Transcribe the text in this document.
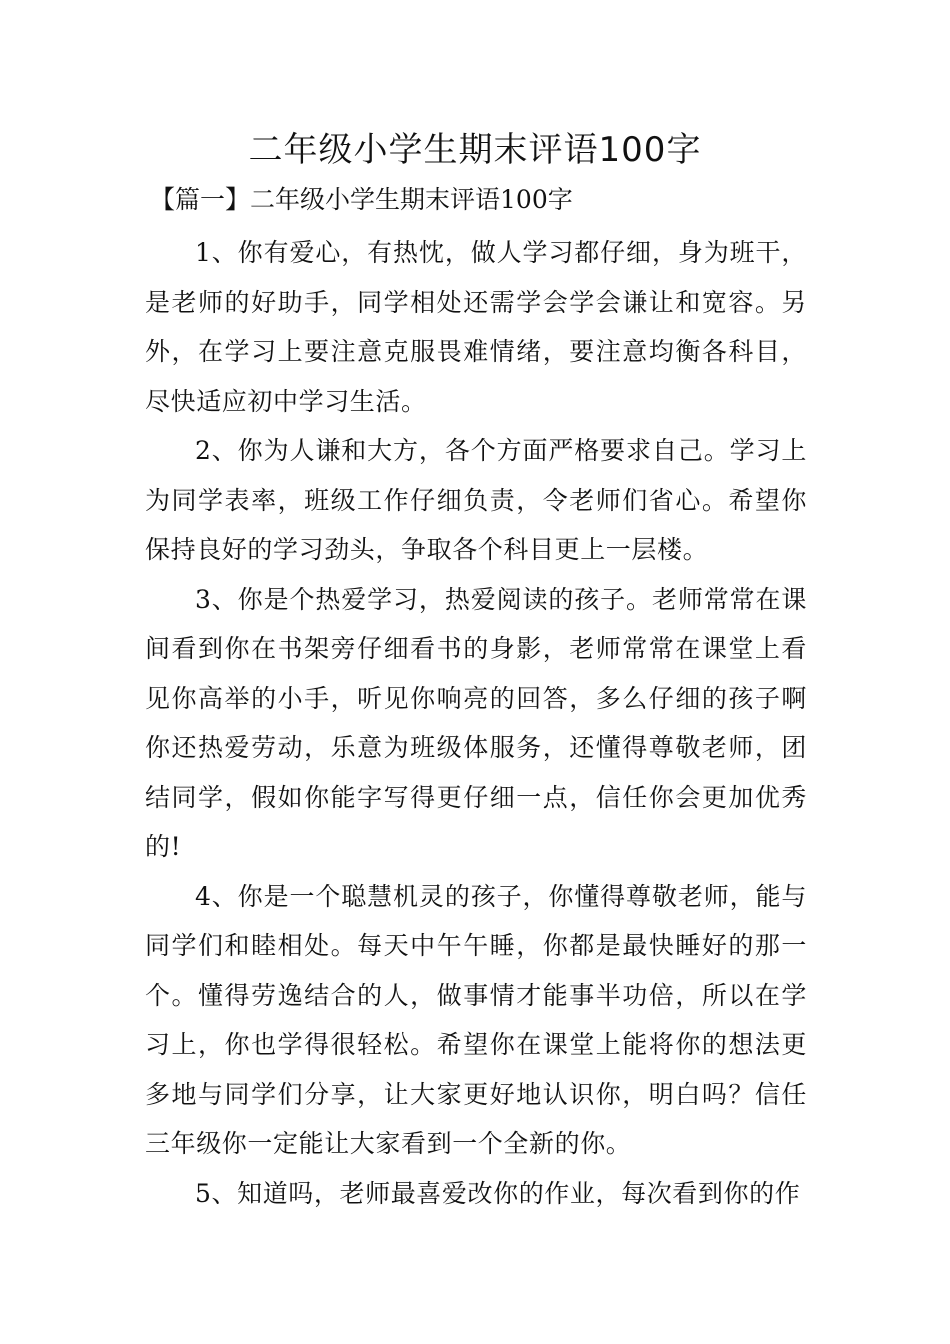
二年级小学生期末评语100字
【篇一】二年级小学生期末评语100字

1、你有爱心，有热忱，做人学习都仔细，身为班干，是老师的好助手，同学相处还需学会学会谦让和宽容。另外，在学习上要注意克服畏难情绪，要注意均衡各科目，尽快适应初中学习生活。

2、你为人谦和大方，各个方面严格要求自己。学习上为同学表率，班级工作仔细负责，令老师们省心。希望你保持良好的学习劲头，争取各个科目更上一层楼。

3、你是个热爱学习，热爱阅读的孩子。老师常常在课间看到你在书架旁仔细看书的身影，老师常常在课堂上看见你高举的小手，听见你响亮的回答，多么仔细的孩子啊你还热爱劳动，乐意为班级体服务，还懂得尊敬老师，团结同学，假如你能字写得更仔细一点，信任你会更加优秀的!

4、你是一个聪慧机灵的孩子，你懂得尊敬老师，能与同学们和睦相处。每天中午午睡，你都是最快睡好的那一个。懂得劳逸结合的人，做事情才能事半功倍，所以在学习上，你也学得很轻松。希望你在课堂上能将你的想法更多地与同学们分享，让大家更好地认识你，明白吗？信任三年级你一定能让大家看到一个全新的你。

5、知道吗，老师最喜爱改你的作业，每次看到你的作
